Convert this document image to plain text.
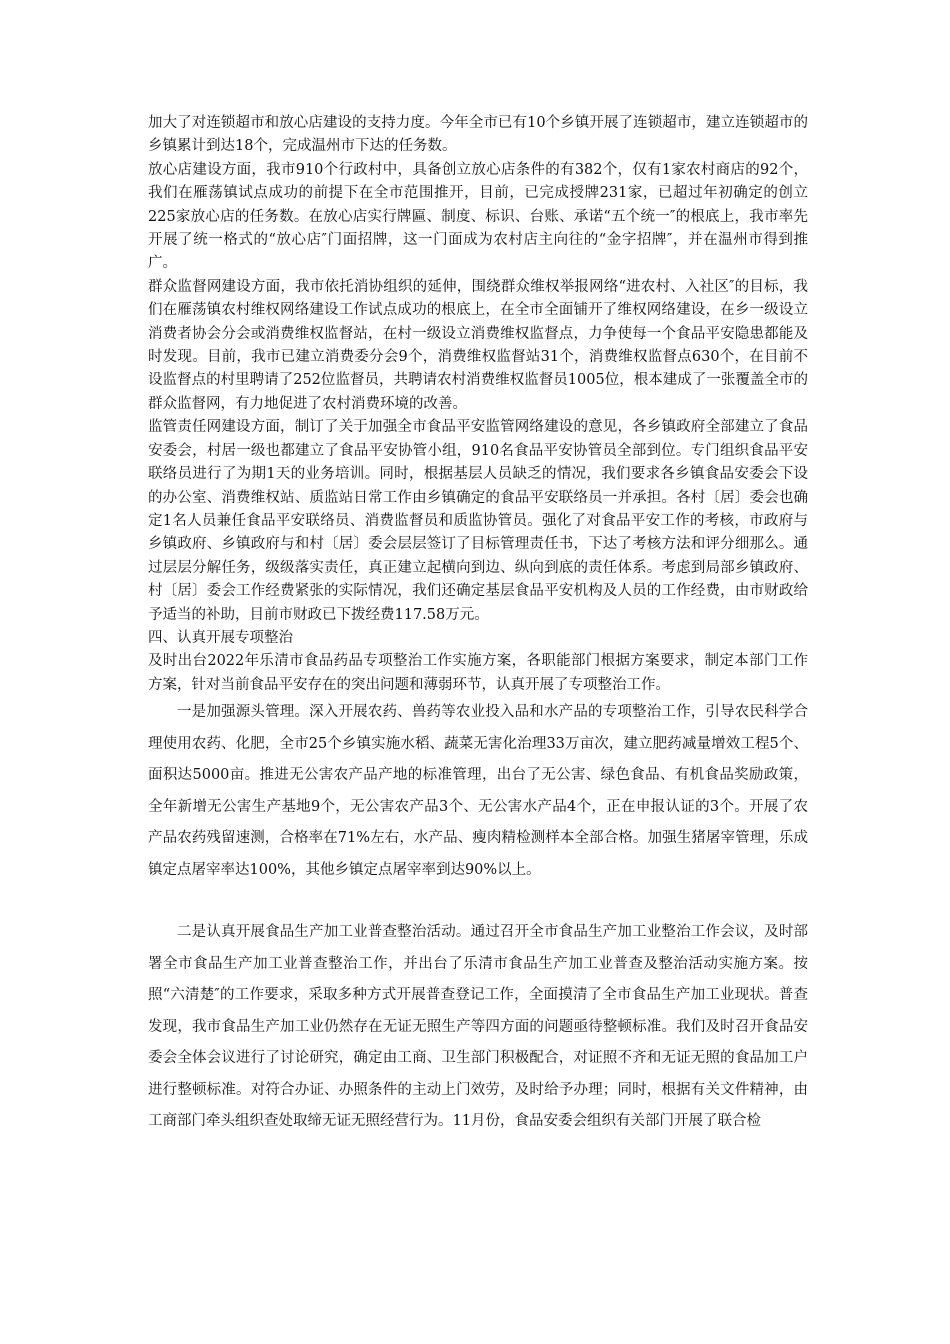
加大了对连锁超市和放心店建设的支持力度。今年全市已有10个乡镇开展了连锁超市，建立连锁超市的乡镇累计到达18个，完成温州市下达的任务数。

放心店建设方面，我市910个行政村中，具备创立放心店条件的有382个，仅有1家农村商店的92个，我们在雁荡镇试点成功的前提下在全市范围推开，目前，已完成授牌231家，已超过年初确定的创立225家放心店的任务数。在放心店实行牌匾、制度、标识、台账、承诺“五个统一″的根底上，我市率先开展了统一格式的“放心店″门面招牌，这一门面成为农村店主向往的“金字招牌″，并在温州市得到推广。

群众监督网建设方面，我市依托消协组织的延伸，围绕群众维权举报网络“进农村、入社区″的目标，我们在雁荡镇农村维权网络建设工作试点成功的根底上，在全市全面铺开了维权网络建设，在乡一级设立消费者协会分会或消费维权监督站，在村一级设立消费维权监督点，力争使每一个食品平安隐患都能及时发现。目前，我市已建立消费委分会9个，消费维权监督站31个，消费维权监督点630个，在目前不设监督点的村里聘请了252位监督员，共聘请农村消费维权监督员1005位，根本建成了一张覆盖全市的群众监督网，有力地促进了农村消费环境的改善。

监管责任网建设方面，制订了关于加强全市食品平安监管网络建设的意见，各乡镇政府全部建立了食品安委会，村居一级也都建立了食品平安协管小组，910名食品平安协管员全部到位。专门组织食品平安联络员进行了为期1天的业务培训。同时，根据基层人员缺乏的情况，我们要求各乡镇食品安委会下设的办公室、消费维权站、质监站日常工作由乡镇确定的食品平安联络员一并承担。各村〔居〕委会也确定1名人员兼任食品平安联络员、消费监督员和质监协管员。强化了对食品平安工作的考核，市政府与乡镇政府、乡镇政府与和村〔居〕委会层层签订了目标管理责任书，下达了考核方法和评分细那么。通过层层分解任务，级级落实责任，真正建立起横向到边、纵向到底的责任体系。考虑到局部乡镇政府、村〔居〕委会工作经费紧张的实际情况，我们还确定基层食品平安机构及人员的工作经费，由市财政给予适当的补助，目前市财政已下拨经费117.58万元。

四、认真开展专项整治

及时出台2022年乐清市食品药品专项整治工作实施方案，各职能部门根据方案要求，制定本部门工作方案，针对当前食品平安存在的突出问题和薄弱环节，认真开展了专项整治工作。

一是加强源头管理。深入开展农药、兽药等农业投入品和水产品的专项整治工作，引导农民科学合理使用农药、化肥，全市25个乡镇实施水稻、蔬菜无害化治理33万亩次，建立肥药减量增效工程5个、面积达5000亩。推进无公害农产品产地的标准管理，出台了无公害、绿色食品、有机食品奖励政策，全年新增无公害生产基地9个，无公害农产品3个、无公害水产品4个，正在申报认证的3个。开展了农产品农药残留速测，合格率在71%左右，水产品、瘦肉精检测样本全部合格。加强生猪屠宰管理，乐成镇定点屠宰率达100%，其他乡镇定点屠宰率到达90%以上。

二是认真开展食品生产加工业普查整治活动。通过召开全市食品生产加工业整治工作会议，及时部署全市食品生产加工业普查整治工作，并出台了乐清市食品生产加工业普查及整治活动实施方案。按照“六清楚″的工作要求，采取多种方式开展普查登记工作，全面摸清了全市食品生产加工业现状。普查发现，我市食品生产加工业仍然存在无证无照生产等四方面的问题亟待整顿标准。我们及时召开食品安委会全体会议进行了讨论研究，确定由工商、卫生部门积极配合，对证照不齐和无证无照的食品加工户进行整顿标准。对符合办证、办照条件的主动上门效劳，及时给予办理；同时，根据有关文件精神，由工商部门牵头组织查处取缔无证无照经营行为。11月份，食品安委会组织有关部门开展了联合检
